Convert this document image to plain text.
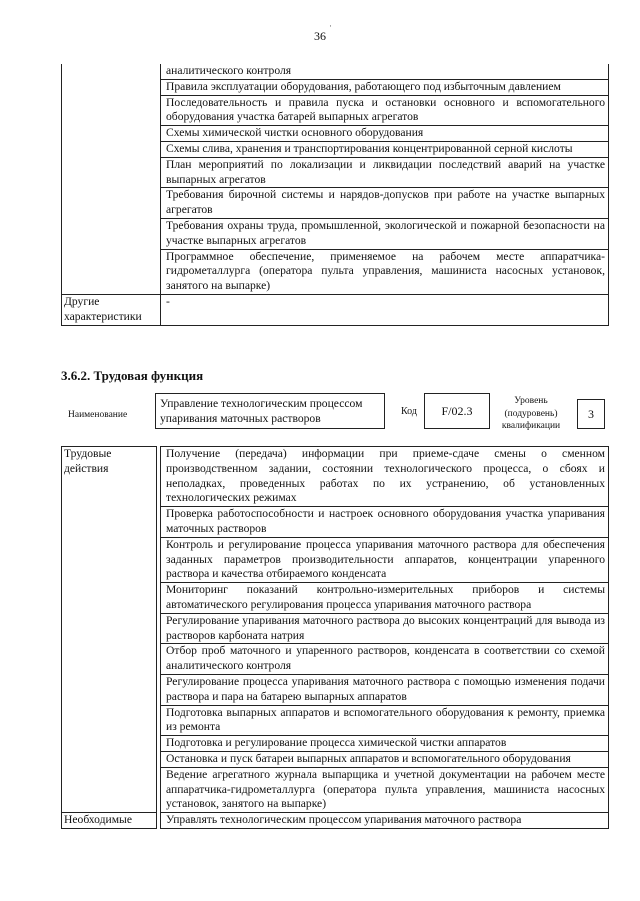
·
36
	аналитического контроля
	Правила эксплуатации оборудования, работающего под избыточным давлением
	Последовательность и правила пуска и остановки основного и вспомогательного оборудования участка батарей выпарных агрегатов
	Схемы химической чистки основного оборудования
	Схемы слива, хранения и транспортирования концентрированной серной кислоты
	План мероприятий по локализации и ликвидации последствий аварий на участке выпарных агрегатов
	Требования бирочной системы и нарядов-допусков при работе на участке выпарных агрегатов
	Требования охраны труда, промышленной, экологической и пожарной безопасности на участке выпарных агрегатов
	Программное обеспечение, применяемое на рабочем месте аппаратчика-гидрометаллурга (оператора пульта управления, машиниста насосных установок, занятого на выпарке)
Другие характеристики	-
3.6.2. Трудовая функция
Наименование
Управление технологическим процессом упаривания маточных растворов	Код	F/02.3
Уровень (подуровень) квалификации
3
Трудовые действия		Получение (передача) информации при приеме-сдаче смены о сменном производственном задании, состоянии технологического процесса, о сбоях и неполадках, проведенных работах по их устранению, об установленных технологических режимах
		Проверка работоспособности и настроек основного оборудования участка упаривания маточных растворов
		Контроль и регулирование процесса упаривания маточного раствора для обеспечения заданных параметров производительности аппаратов, концентрации упаренного раствора и качества отбираемого конденсата
		Мониторинг показаний контрольно-измерительных приборов и системы автоматического регулирования процесса упаривания маточного раствора
		Регулирование упаривания маточного раствора до высоких концентраций для вывода из растворов карбоната натрия
		Отбор проб маточного и упаренного растворов, конденсата в соответствии со схемой аналитического контроля
		Регулирование процесса упаривания маточного раствора с помощью изменения подачи раствора и пара на батарею выпарных аппаратов
		Подготовка выпарных аппаратов и вспомогательного оборудования к ремонту, приемка из ремонта
		Подготовка и регулирование процесса химической чистки аппаратов
		Остановка и пуск батареи выпарных аппаратов и вспомогательного оборудования
		Ведение агрегатного журнала выпарщика и учетной документации на рабочем месте аппаратчика-гидрометаллурга (оператора пульта управления, машиниста насосных установок, занятого на выпарке)
Необходимые		Управлять технологическим процессом упаривания маточного раствора
